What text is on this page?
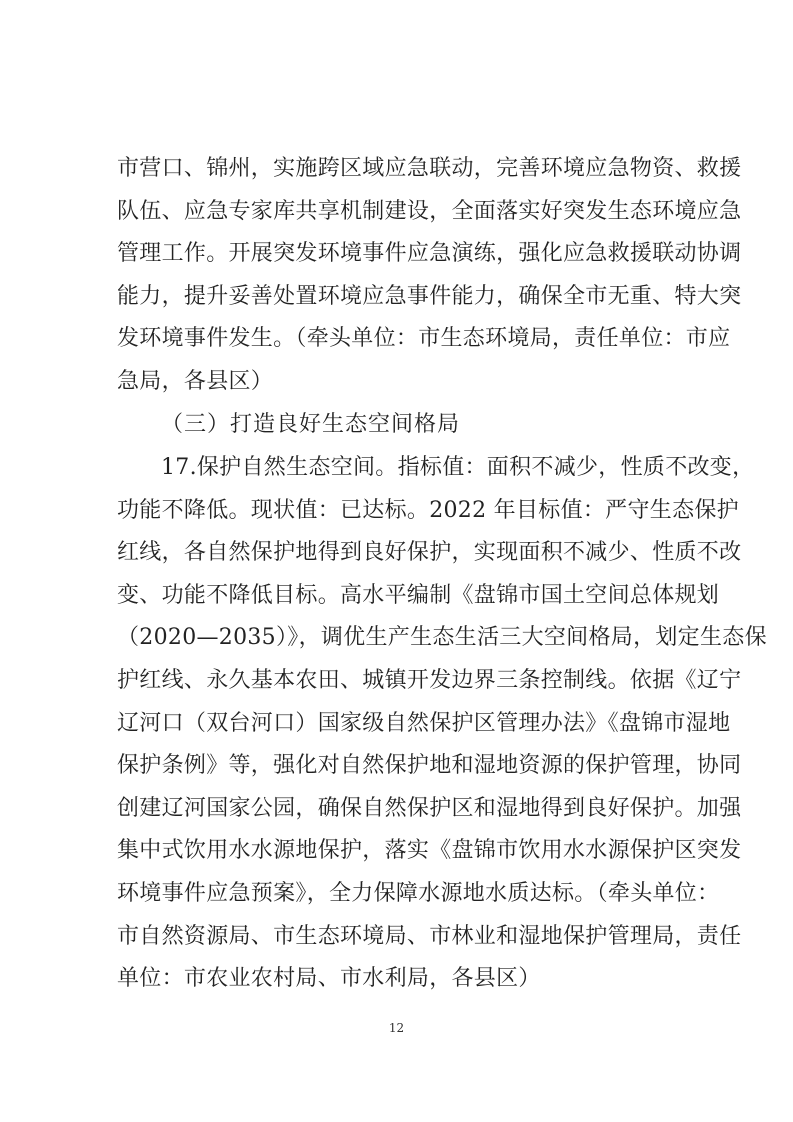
市营口、锦州，实施跨区域应急联动，完善环境应急物资、救援
队伍、应急专家库共享机制建设，全面落实好突发生态环境应急
管理工作。开展突发环境事件应急演练，强化应急救援联动协调
能力，提升妥善处置环境应急事件能力，确保全市无重、特大突
发环境事件发生。（牵头单位：市生态环境局，责任单位：市应
急局，各县区）
（三）打造良好生态空间格局
17.保护自然生态空间。指标值：面积不减少，性质不改变，
功能不降低。现状值：已达标。2022 年目标值：严守生态保护
红线，各自然保护地得到良好保护，实现面积不减少、性质不改
变、功能不降低目标。高水平编制《盘锦市国土空间总体规划
（2020—2035）》，调优生产生态生活三大空间格局，划定生态保
护红线、永久基本农田、城镇开发边界三条控制线。依据《辽宁
辽河口（双台河口）国家级自然保护区管理办法》《盘锦市湿地
保护条例》等，强化对自然保护地和湿地资源的保护管理，协同
创建辽河国家公园，确保自然保护区和湿地得到良好保护。加强
集中式饮用水水源地保护，落实《盘锦市饮用水水源保护区突发
环境事件应急预案》，全力保障水源地水质达标。（牵头单位：
市自然资源局、市生态环境局、市林业和湿地保护管理局，责任
单位：市农业农村局、市水利局，各县区）
12
